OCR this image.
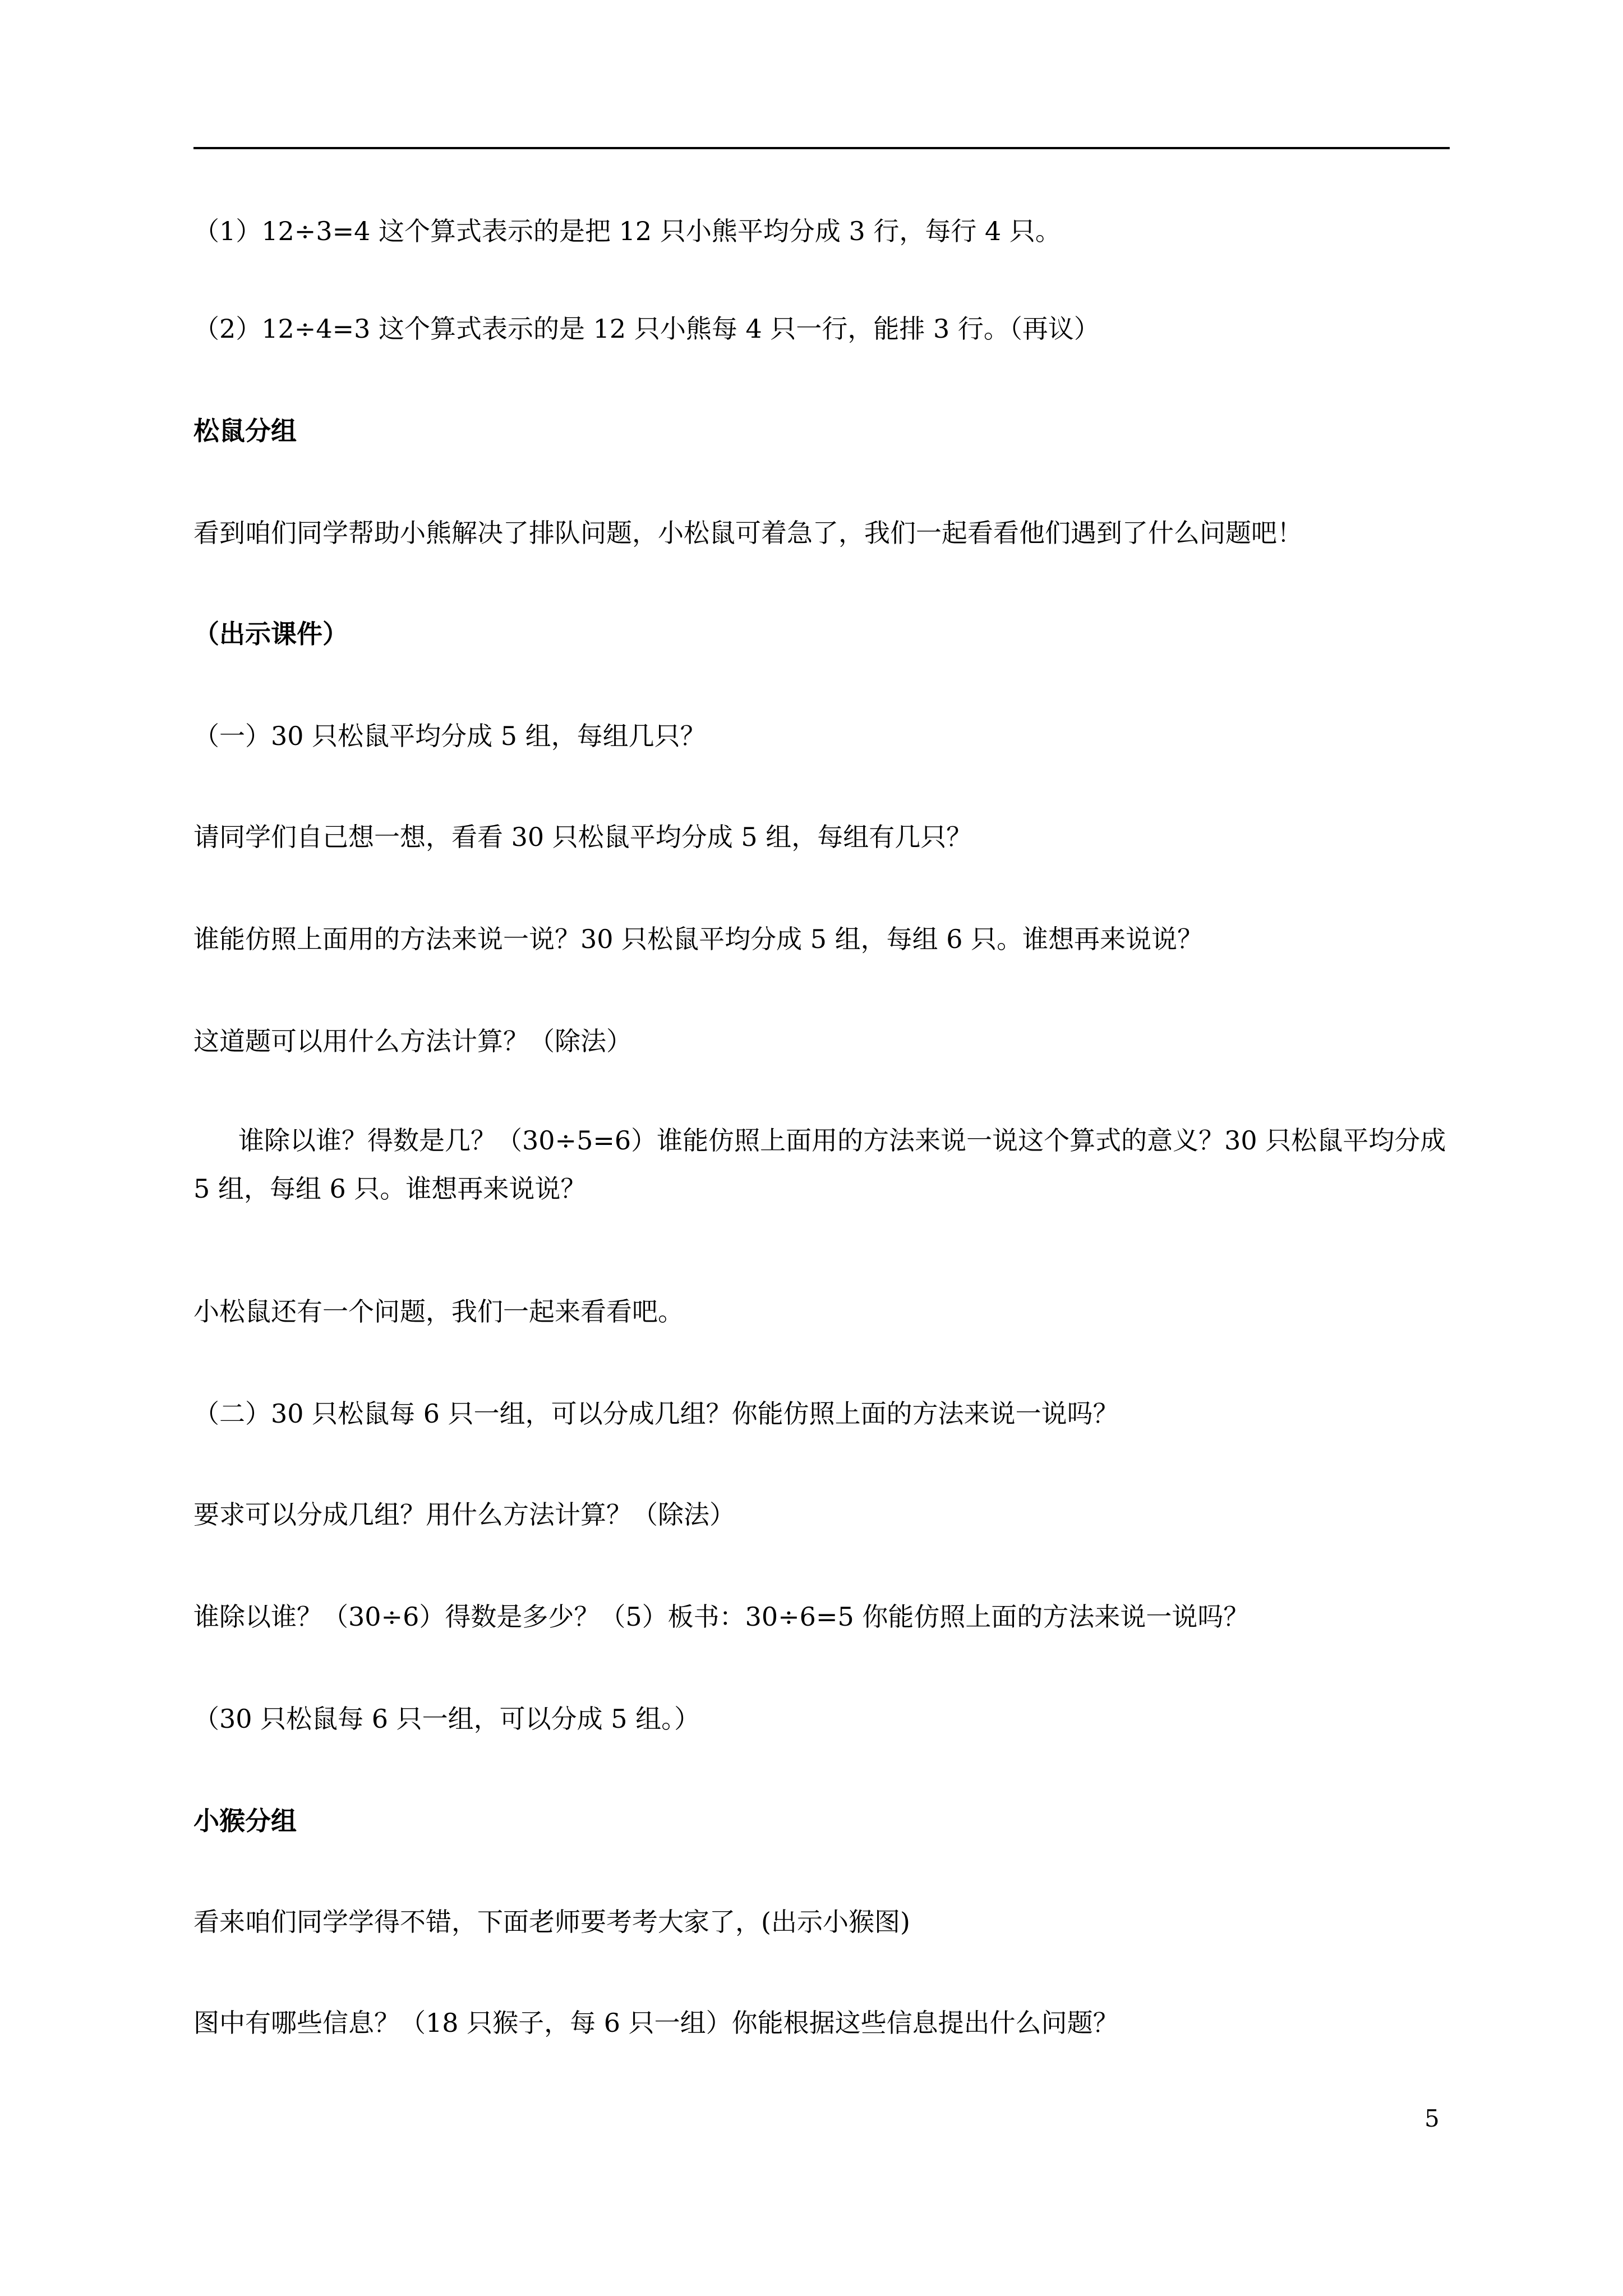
（1）12÷3=4 这个算式表示的是把 12 只小熊平均分成 3 行，每行 4 只。
（2）12÷4=3 这个算式表示的是 12 只小熊每 4 只一行，能排 3 行。（再议）
松鼠分组
看到咱们同学帮助小熊解决了排队问题，小松鼠可着急了，我们一起看看他们遇到了什么问题吧！
（出示课件）
（一）30 只松鼠平均分成 5 组，每组几只？
请同学们自己想一想，看看 30 只松鼠平均分成 5 组，每组有几只？
谁能仿照上面用的方法来说一说？30 只松鼠平均分成 5 组，每组 6 只。谁想再来说说？
这道题可以用什么方法计算？（除法）
谁除以谁？得数是几？（30÷5=6）谁能仿照上面用的方法来说一说这个算式的意义？30 只松鼠平均分成 5 组，每组 6 只。谁想再来说说？
小松鼠还有一个问题，我们一起来看看吧。
（二）30 只松鼠每 6 只一组，可以分成几组？你能仿照上面的方法来说一说吗？
要求可以分成几组？用什么方法计算？（除法）
谁除以谁？（30÷6）得数是多少？（5）板书：30÷6=5 你能仿照上面的方法来说一说吗？
（30 只松鼠每 6 只一组，可以分成 5 组。）
小猴分组
看来咱们同学学得不错，下面老师要考考大家了，(出示小猴图)
图中有哪些信息？（18 只猴子，每 6 只一组）你能根据这些信息提出什么问题？
5
